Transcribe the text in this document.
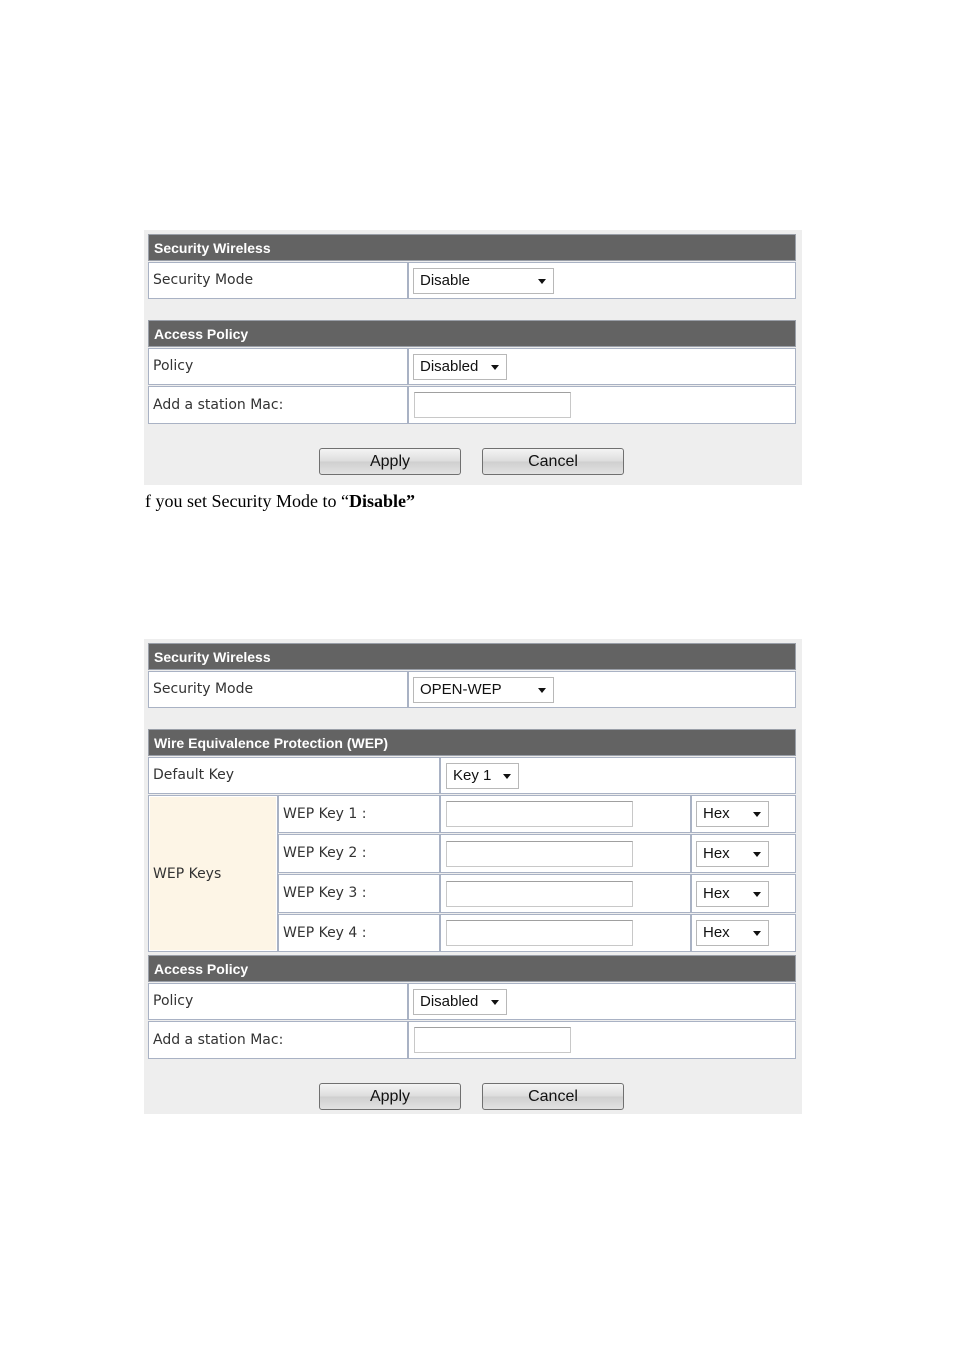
Security Wireless
Security Mode	Disable
Access Policy
Policy	Disabled
Add a station Mac:
Apply	Cancel
f you set Security Mode to “Disable”
Security Wireless
Security Mode	OPEN-WEP
Wire Equivalence Protection (WEP)
Default Key	Key 1
WEP Keys
WEP Key 1 :	Hex
WEP Key 2 :	Hex
WEP Key 3 :	Hex
WEP Key 4 :	Hex
Access Policy
Policy	Disabled
Add a station Mac:
Apply	Cancel
